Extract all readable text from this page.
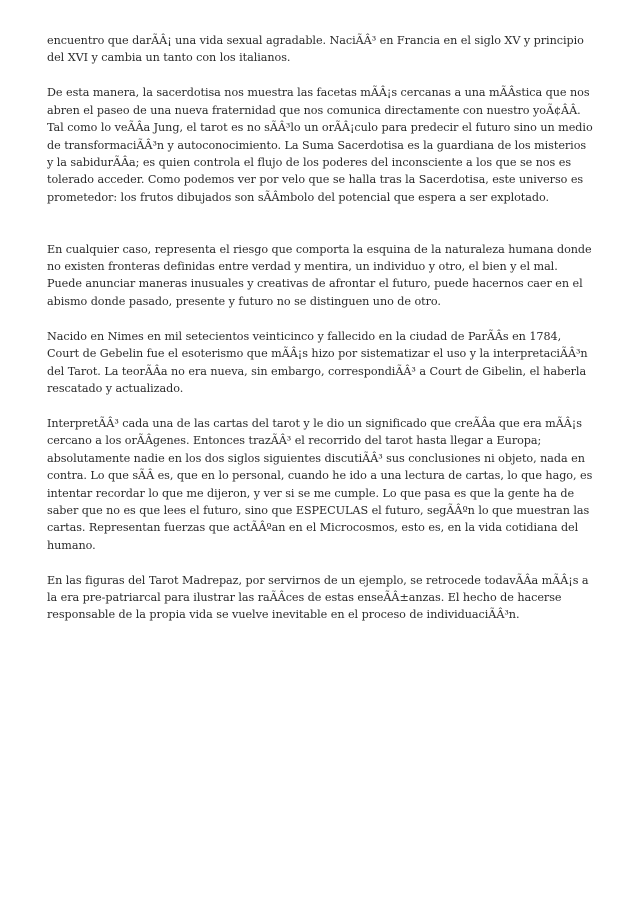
encuentro que darÃÂ¡ una vida sexual agradable. NaciÃÂ³ en Francia en el siglo XV y principio del XVI y cambia un tanto con los italianos.

De esta manera, la sacerdotisa nos muestra las facetas mÃÂ¡s cercanas a una mÃÂstica que nos abren el paseo de una nueva fraternidad que nos comunica directamente con nuestro yoÃ¢ÂÂ. Tal como lo veÃÂa Jung, el tarot es no sÃÂ³lo un orÃÂ¡culo para predecir el futuro sino un medio de transformaciÃÂ³n y autoconocimiento. La Suma Sacerdotisa es la guardiana de los misterios y la sabidurÃÂa; es quien controla el flujo de los poderes del inconsciente a los que se nos es tolerado acceder. Como podemos ver por velo que se halla tras la Sacerdotisa, este universo es prometedor: los frutos dibujados son sÃÂmbolo del potencial que espera a ser explotado.

En cualquier caso, representa el riesgo que comporta la esquina de la naturaleza humana donde no existen fronteras definidas entre verdad y mentira, un individuo y otro, el bien y el mal. Puede anunciar maneras inusuales y creativas de afrontar el futuro, puede hacernos caer en el abismo donde pasado, presente y futuro no se distinguen uno de otro.

Nacido en Nimes en mil setecientos veinticinco y fallecido en la ciudad de ParÃÂs en 1784, Court de Gebelin fue el esoterismo que mÃÂ¡s hizo por sistematizar el uso y la interpretaciÃÂ³n del Tarot. La teorÃÂa no era nueva, sin embargo, correspondiÃÂ³ a Court de Gibelin, el haberla rescatado y actualizado.

InterpretÃÂ³ cada una de las cartas del tarot y le dio un significado que creÃÂa que era mÃÂ¡s cercano a los orÃÂgenes. Entonces trazÃÂ³ el recorrido del tarot hasta llegar a Europa; absolutamente nadie en los dos siglos siguientes discutiÃÂ³ sus conclusiones ni objeto, nada en contra. Lo que sÃÂ es, que en lo personal, cuando he ido a una lectura de cartas, lo que hago, es intentar recordar lo que me dijeron, y ver si se me cumple. Lo que pasa es que la gente ha de saber que no es que lees el futuro, sino que ESPECULAS el futuro, segÃÂºn lo que muestran las cartas. Representan fuerzas que actÃÂºan en el Microcosmos, esto es, en la vida cotidiana del humano.

En las figuras del Tarot Madrepaz, por servirnos de un ejemplo, se retrocede todavÃÂa mÃÂ¡s a la era pre-patriarcal para ilustrar las raÃÂces de estas enseÃÂ±anzas. El hecho de hacerse responsable de la propia vida se vuelve inevitable en el proceso de individuaciÃÂ³n.
